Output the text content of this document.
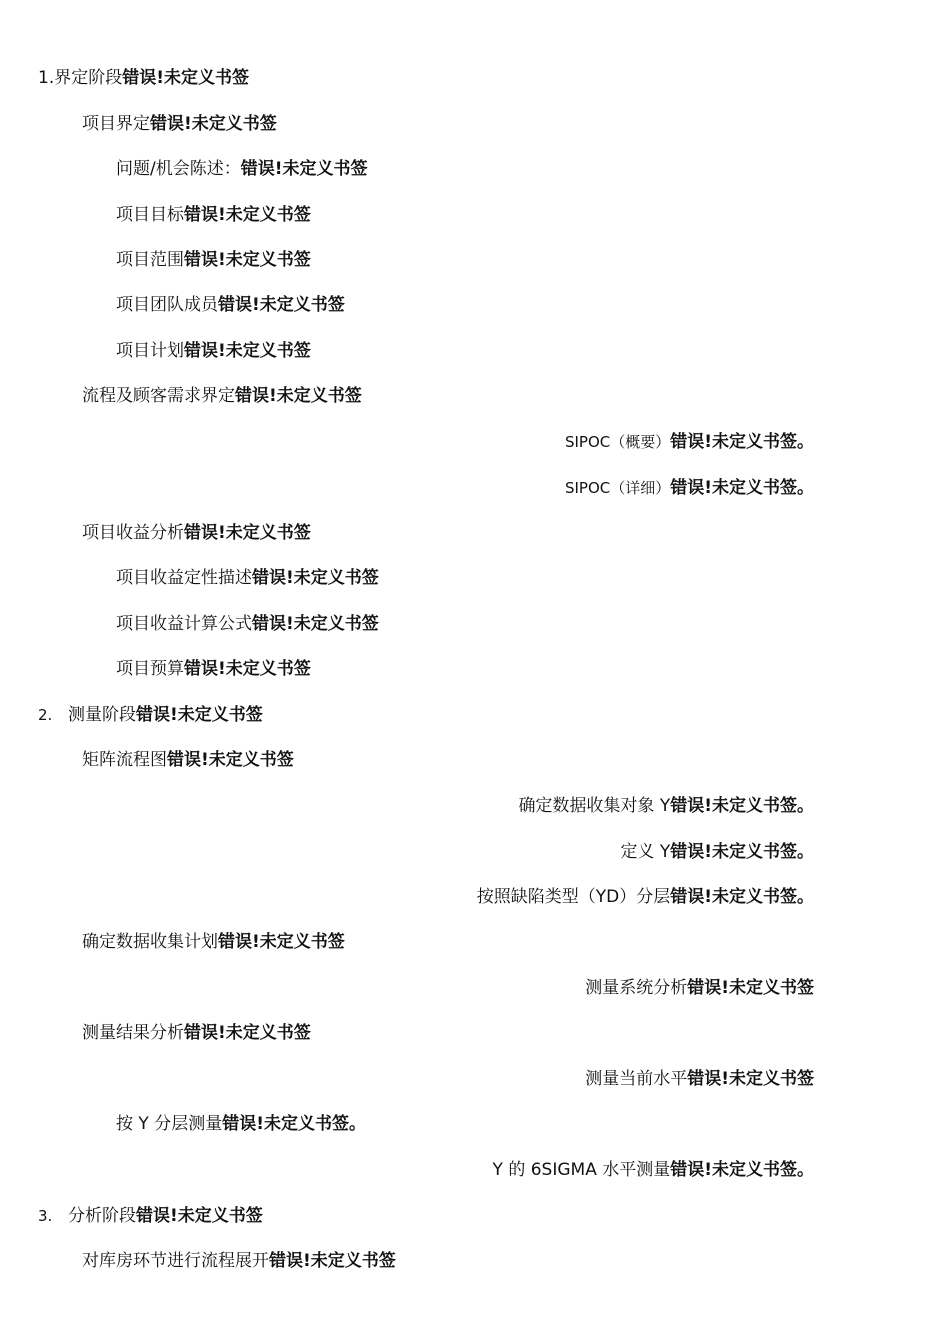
1.界定阶段错误!未定义书签
项目界定错误!未定义书签
问题/机会陈述：错误!未定义书签
项目目标错误!未定义书签
项目范围错误!未定义书签
项目团队成员错误!未定义书签
项目计划错误!未定义书签
流程及顾客需求界定错误!未定义书签
SIPOC（概要）错误!未定义书签。
SIPOC（详细）错误!未定义书签。
项目收益分析错误!未定义书签
项目收益定性描述错误!未定义书签
项目收益计算公式错误!未定义书签
项目预算错误!未定义书签
2. 测量阶段错误!未定义书签
矩阵流程图错误!未定义书签
确定数据收集对象 Y错误!未定义书签。
定义 Y错误!未定义书签。
按照缺陷类型（YD）分层错误!未定义书签。
确定数据收集计划错误!未定义书签
测量系统分析错误!未定义书签
测量结果分析错误!未定义书签
测量当前水平错误!未定义书签
按 Y 分层测量错误!未定义书签。
Y 的 6SIGMA 水平测量错误!未定义书签。
3. 分析阶段错误!未定义书签
对库房环节进行流程展开错误!未定义书签
